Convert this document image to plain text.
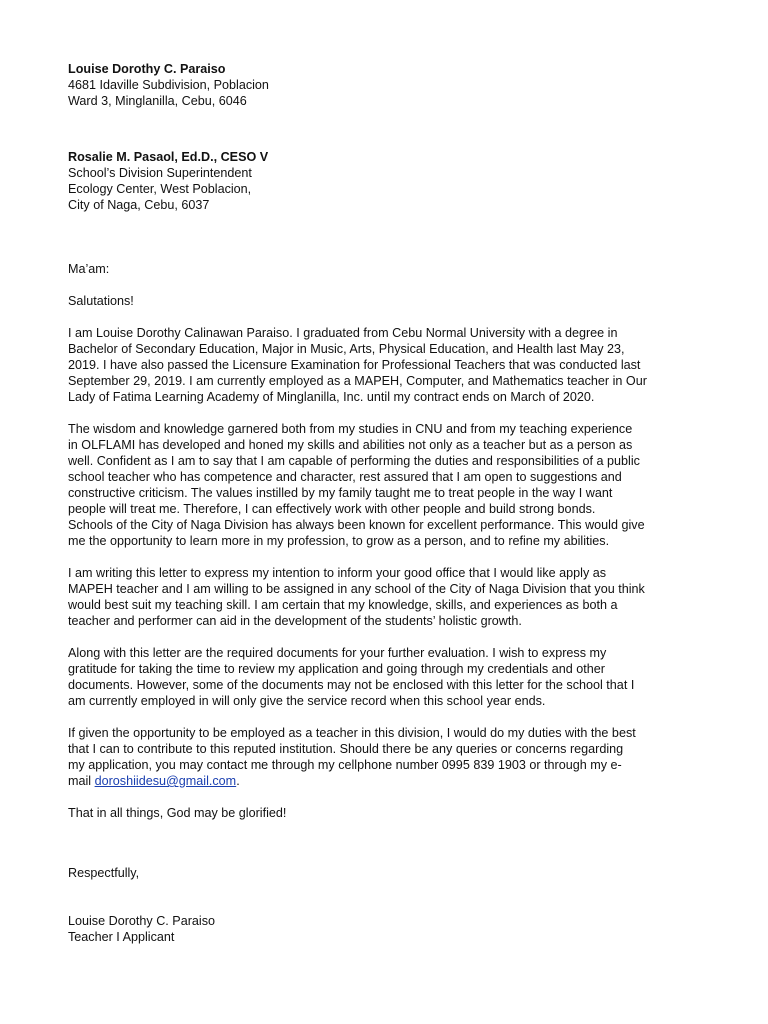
Louise Dorothy C. Paraiso
4681 Idaville Subdivision, Poblacion
Ward 3, Minglanilla, Cebu, 6046
Rosalie M. Pasaol, Ed.D., CESO V
School’s Division Superintendent
Ecology Center, West Poblacion,
City of Naga, Cebu, 6037
Ma’am:
Salutations!
I am Louise Dorothy Calinawan Paraiso. I graduated from Cebu Normal University with a degree in
Bachelor of Secondary Education, Major in Music, Arts, Physical Education, and Health last May 23,
2019. I have also passed the Licensure Examination for Professional Teachers that was conducted last
September 29, 2019. I am currently employed as a MAPEH, Computer, and Mathematics teacher in Our
Lady of Fatima Learning Academy of Minglanilla, Inc. until my contract ends on March of 2020.
The wisdom and knowledge garnered both from my studies in CNU and from my teaching experience
in OLFLAMI has developed and honed my skills and abilities not only as a teacher but as a person as
well. Confident as I am to say that I am capable of performing the duties and responsibilities of a public
school teacher who has competence and character, rest assured that I am open to suggestions and
constructive criticism. The values instilled by my family taught me to treat people in the way I want
people will treat me. Therefore, I can effectively work with other people and build strong bonds.
Schools of the City of Naga Division has always been known for excellent performance. This would give
me the opportunity to learn more in my profession, to grow as a person, and to refine my abilities.
I am writing this letter to express my intention to inform your good office that I would like apply as
MAPEH teacher and I am willing to be assigned in any school of the City of Naga Division that you think
would best suit my teaching skill. I am certain that my knowledge, skills, and experiences as both a
teacher and performer can aid in the development of the students’ holistic growth.
Along with this letter are the required documents for your further evaluation. I wish to express my
gratitude for taking the time to review my application and going through my credentials and other
documents. However, some of the documents may not be enclosed with this letter for the school that I
am currently employed in will only give the service record when this school year ends.
If given the opportunity to be employed as a teacher in this division, I would do my duties with the best
that I can to contribute to this reputed institution. Should there be any queries or concerns regarding
my application, you may contact me through my cellphone number 0995 839 1903 or through my e-
mail doroshiidesu@gmail.com.
That in all things, God may be glorified!
Respectfully,
Louise Dorothy C. Paraiso
Teacher I Applicant
